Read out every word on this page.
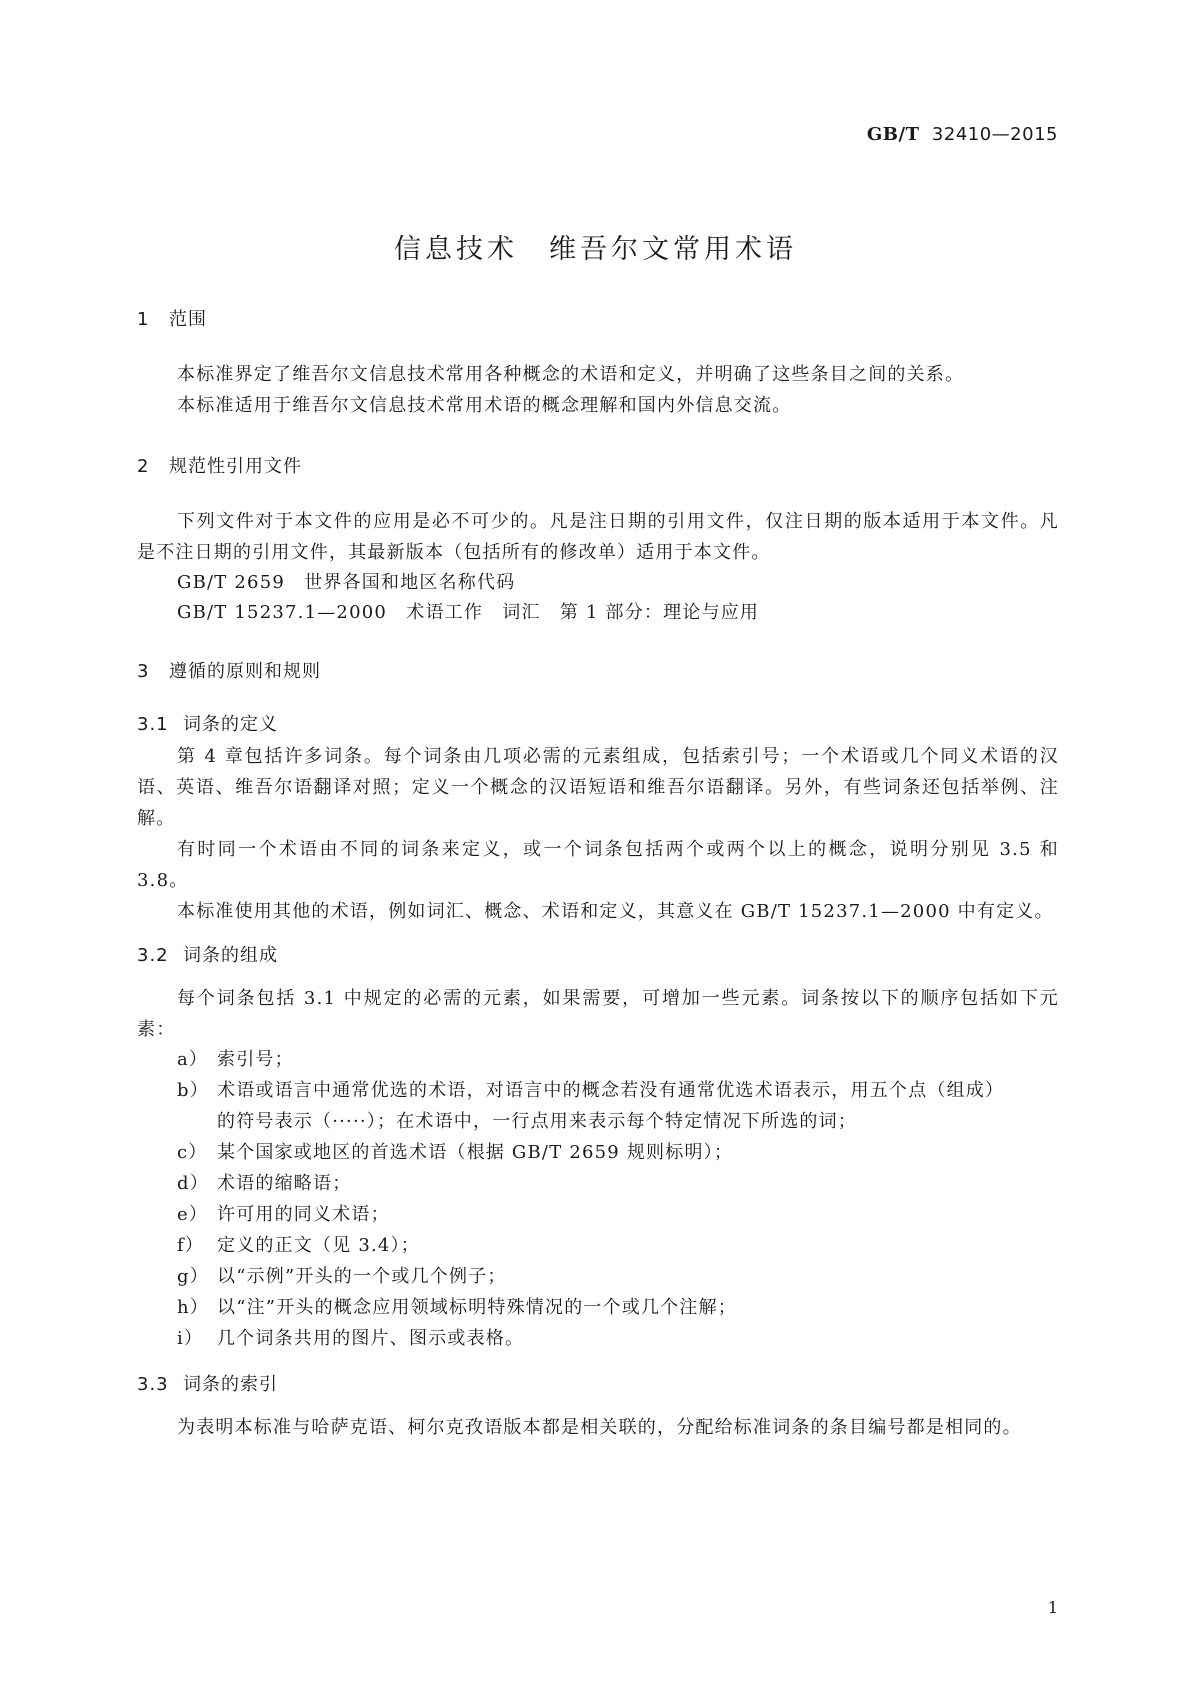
GB/T 32410—2015
信息技术　维吾尔文常用术语
1 范围
本标准界定了维吾尔文信息技术常用各种概念的术语和定义，并明确了这些条目之间的关系。
本标准适用于维吾尔文信息技术常用术语的概念理解和国内外信息交流。
2 规范性引用文件
下列文件对于本文件的应用是必不可少的。凡是注日期的引用文件，仅注日期的版本适用于本文件。凡是不注日期的引用文件，其最新版本（包括所有的修改单）适用于本文件。
GB/T 2659　世界各国和地区名称代码
GB/T 15237.1—2000　术语工作　词汇　第 1 部分：理论与应用
3 遵循的原则和规则
3.1 词条的定义
第 4 章包括许多词条。每个词条由几项必需的元素组成，包括索引号；一个术语或几个同义术语的汉语、英语、维吾尔语翻译对照；定义一个概念的汉语短语和维吾尔语翻译。另外，有些词条还包括举例、注解。
有时同一个术语由不同的词条来定义，或一个词条包括两个或两个以上的概念，说明分别见 3.5 和 3.8。
本标准使用其他的术语，例如词汇、概念、术语和定义，其意义在 GB/T 15237.1—2000 中有定义。
3.2 词条的组成
每个词条包括 3.1 中规定的必需的元素，如果需要，可增加一些元素。词条按以下的顺序包括如下元素：
a） 索引号；
b） 术语或语言中通常优选的术语，对语言中的概念若没有通常优选术语表示，用五个点（组成）
的符号表示（·····）；在术语中，一行点用来表示每个特定情况下所选的词；
c） 某个国家或地区的首选术语（根据 GB/T 2659 规则标明）；
d） 术语的缩略语；
e） 许可用的同义术语；
f） 定义的正文（见 3.4）；
g） 以“示例”开头的一个或几个例子；
h） 以“注”开头的概念应用领域标明特殊情况的一个或几个注解；
i） 几个词条共用的图片、图示或表格。
3.3 词条的索引
为表明本标准与哈萨克语、柯尔克孜语版本都是相关联的，分配给标准词条的条目编号都是相同的。
1
